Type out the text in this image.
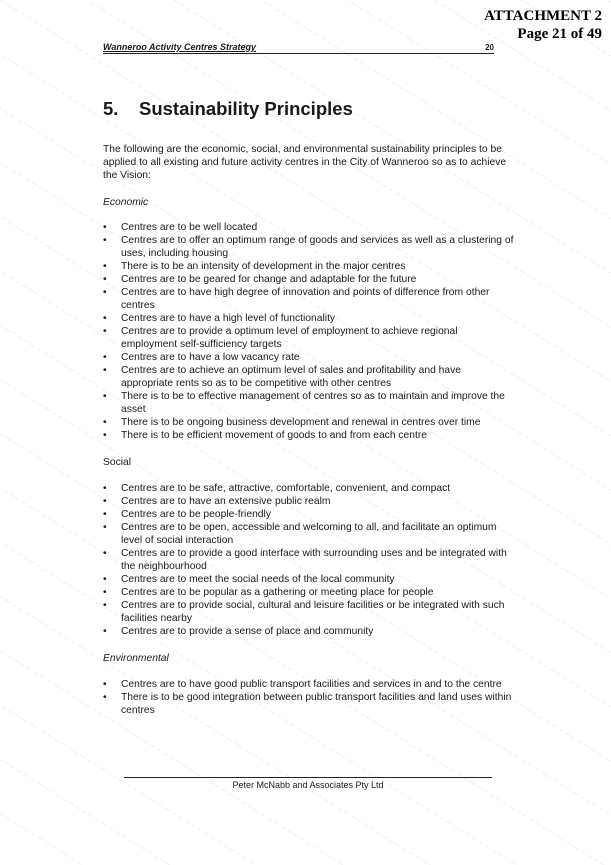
ATTACHMENT 2
Page 21 of 49
Wanneroo Activity Centres Strategy	20
5. Sustainability Principles

The following are the economic, social, and environmental sustainability principles to be applied to all existing and future activity centres in the City of Wanneroo so as to achieve the Vision:

Economic

• Centres are to be well located
• Centres are to offer an optimum range of goods and services as well as a clustering of uses, including housing
• There is to be an intensity of development in the major centres
• Centres are to be geared for change and adaptable for the future
• Centres are to have high degree of innovation and points of difference from other centres
• Centres are to have a high level of functionality
• Centres are to provide a optimum level of employment to achieve regional employment self-sufficiency targets
• Centres are to have a low vacancy rate
• Centres are to achieve an optimum level of sales and profitability and have appropriate rents so as to be competitive with other centres
• There is to be to effective management of centres so as to maintain and improve the asset
• There is to be ongoing business development and renewal in centres over time
• There is to be efficient movement of goods to and from each centre

Social

• Centres are to be safe, attractive, comfortable, convenient, and compact
• Centres are to have an extensive public realm
• Centres are to be people-friendly
• Centres are to be open, accessible and welcoming to all, and facilitate an optimum level of social interaction
• Centres are to provide a good interface with surrounding uses and be integrated with the neighbourhood
• Centres are to meet the social needs of the local community
• Centres are to be popular as a gathering or meeting place for people
• Centres are to provide social, cultural and leisure facilities or be integrated with such facilities nearby
• Centres are to provide a sense of place and community

Environmental

• Centres are to have good public transport facilities and services in and to the centre
• There is to be good integration between public transport facilities and land uses within centres
Peter McNabb and Associates Pty Ltd
